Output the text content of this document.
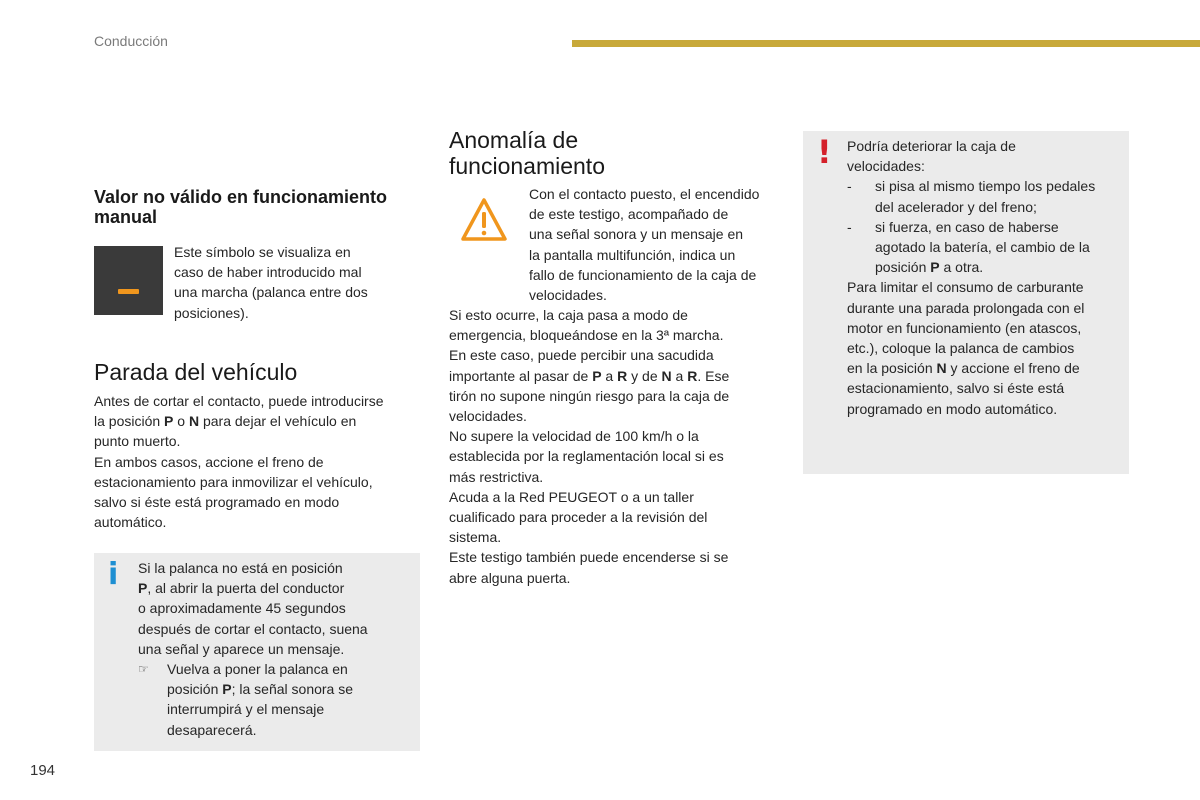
Conducción
Valor no válido en funcionamiento manual
Este símbolo se visualiza en
caso de haber introducido mal
una marcha (palanca entre dos
posiciones).
Parada del vehículo
Antes de cortar el contacto, puede introducirse
la posición P o N para dejar el vehículo en
punto muerto.
En ambos casos, accione el freno de
estacionamiento para inmovilizar el vehículo,
salvo si éste está programado en modo
automático.
i Si la palanca no está en posición
P, al abrir la puerta del conductor
o aproximadamente 45 segundos
después de cortar el contacto, suena
una señal y aparece un mensaje.
☞	Vuelva a poner la palanca en
posición P; la señal sonora se
interrumpirá y el mensaje
desaparecerá.
194
Anomalía de
funcionamiento
Con el contacto puesto, el encendido
de este testigo, acompañado de
una señal sonora y un mensaje en
la pantalla multifunción, indica un
fallo de funcionamiento de la caja de
velocidades.
Si esto ocurre, la caja pasa a modo de
emergencia, bloqueándose en la 3ª marcha.
En este caso, puede percibir una sacudida
importante al pasar de P a R y de N a R. Ese
tirón no supone ningún riesgo para la caja de
velocidades.
No supere la velocidad de 100 km/h o la
establecida por la reglamentación local si es
más restrictiva.
Acuda a la Red PEUGEOT o a un taller
cualificado para proceder a la revisión del
sistema.
Este testigo también puede encenderse si se
abre alguna puerta.
! Podría deteriorar la caja de
velocidades:
-	si pisa al mismo tiempo los pedales
del acelerador y del freno;
-	si fuerza, en caso de haberse
agotado la batería, el cambio de la
posición P a otra.
Para limitar el consumo de carburante
durante una parada prolongada con el
motor en funcionamiento (en atascos,
etc.), coloque la palanca de cambios
en la posición N y accione el freno de
estacionamiento, salvo si éste está
programado en modo automático.
